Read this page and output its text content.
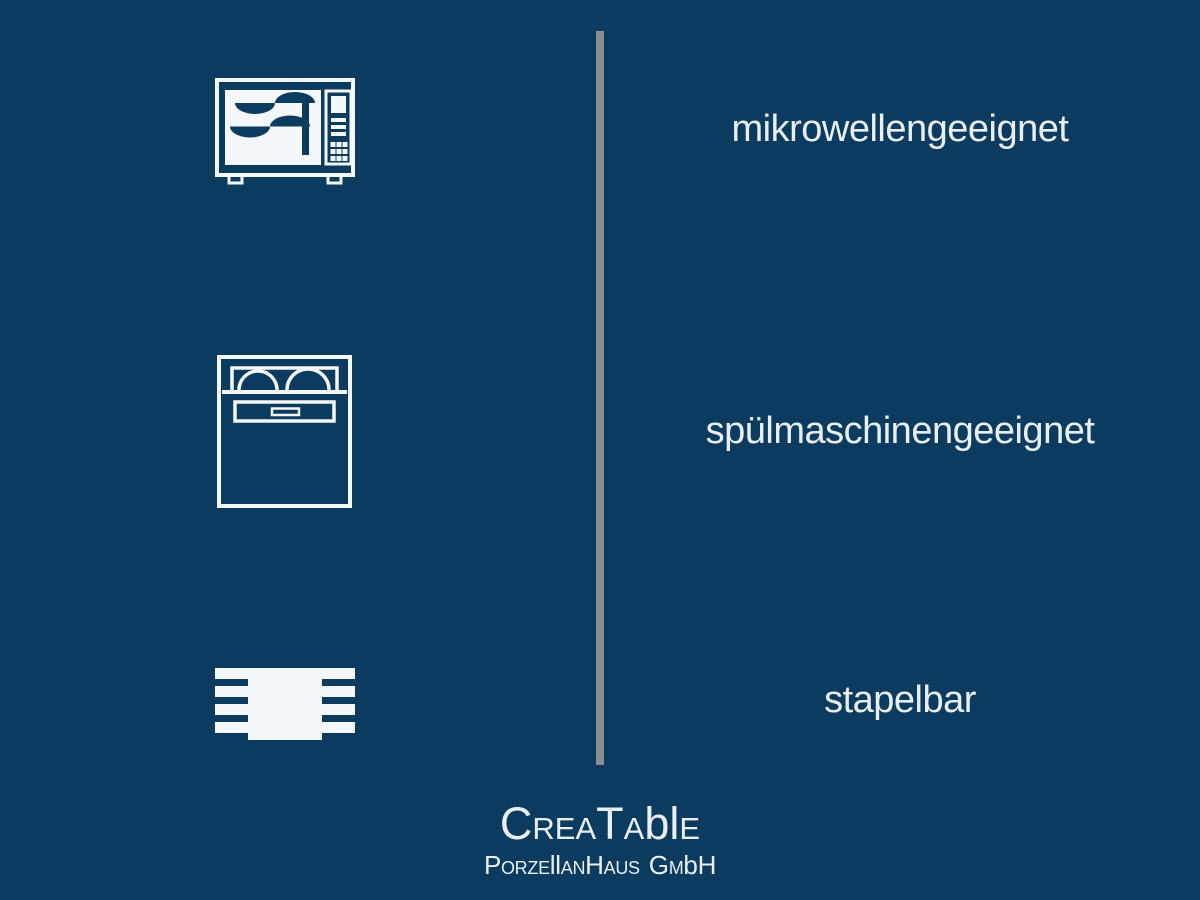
mikrowellengeeignet
spülmaschinengeeignet
stapelbar
CREATAblE
PORZEllANHAUS GMbH
